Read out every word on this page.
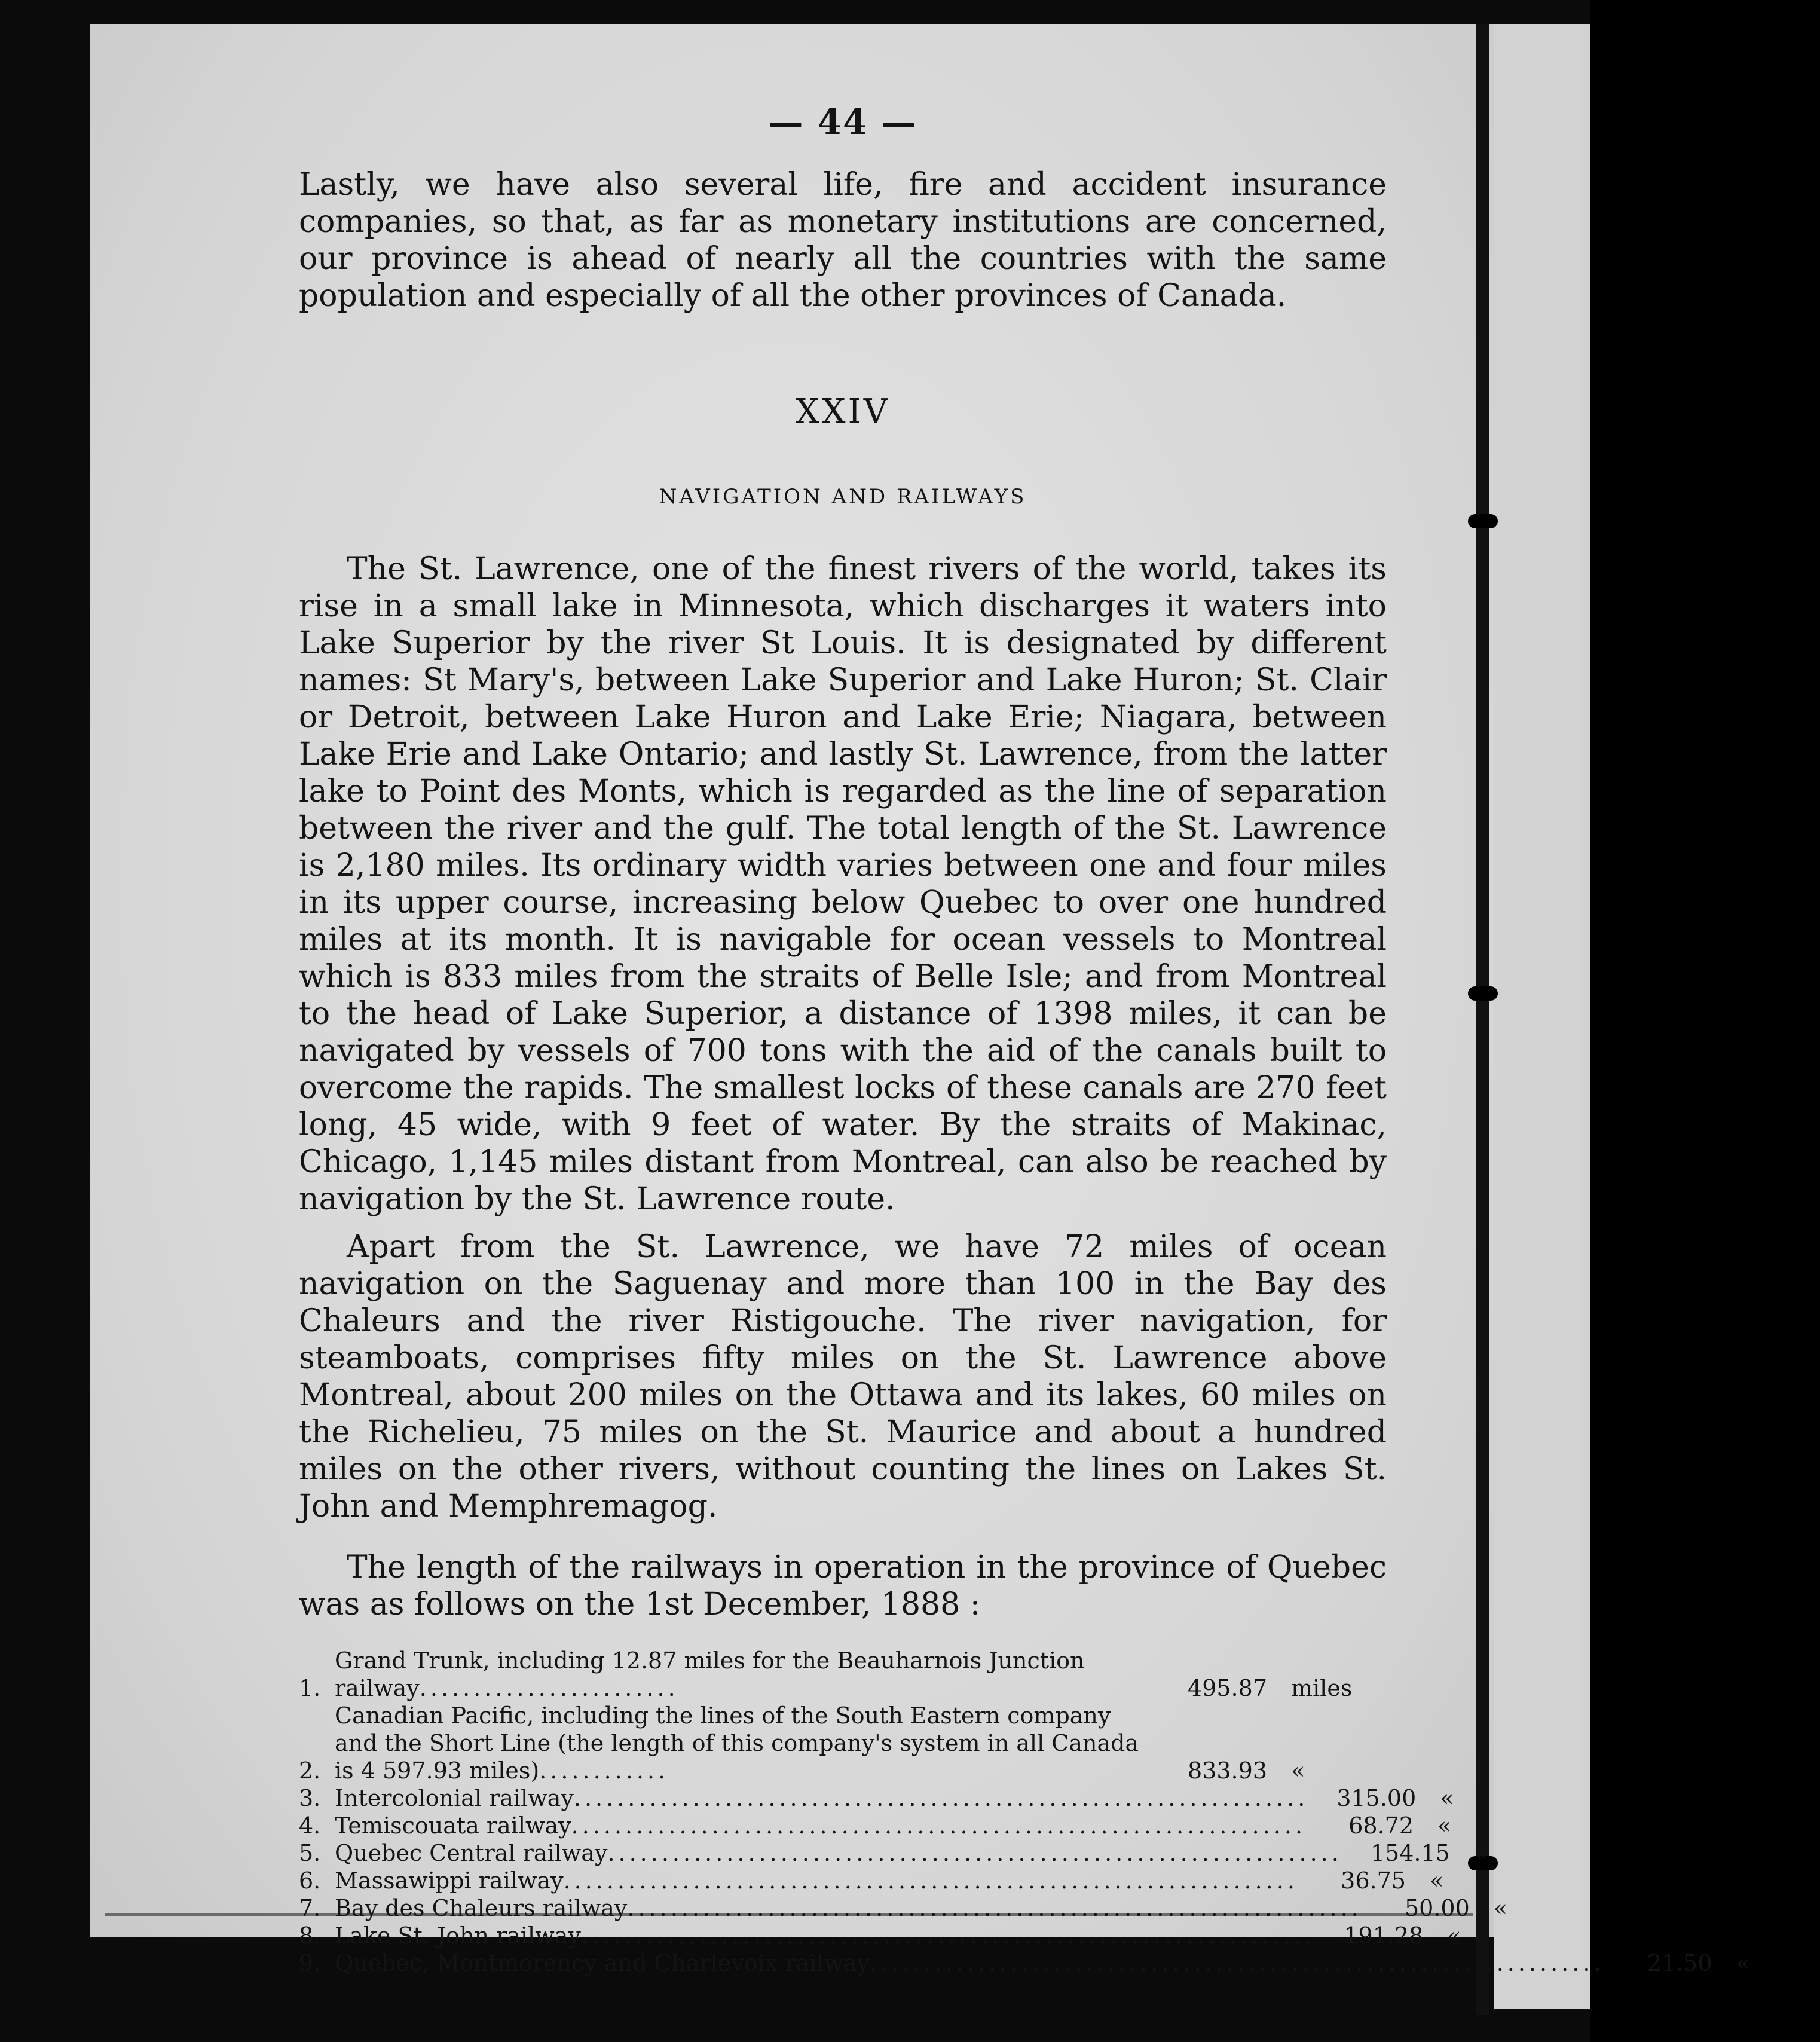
— 44 —

Lastly, we have also several life, fire and accident insurance companies, so that, as far as monetary institutions are concerned, our province is ahead of nearly all the countries with the same population and especially of all the other provinces of Canada.

XXIV
NAVIGATION AND RAILWAYS

The St. Lawrence, one of the finest rivers of the world, takes its rise in a small lake in Minnesota, which discharges it waters into Lake Superior by the river St Louis. It is designated by different names: St Mary's, between Lake Superior and Lake Huron; St. Clair or Detroit, between Lake Huron and Lake Erie; Niagara, between Lake Erie and Lake Ontario; and lastly St. Lawrence, from the latter lake to Point des Monts, which is regarded as the line of separation between the river and the gulf. The total length of the St. Lawrence is 2,180 miles. Its ordinary width varies between one and four miles in its upper course, increasing below Quebec to over one hundred miles at its month. It is navigable for ocean vessels to Montreal which is 833 miles from the straits of Belle Isle; and from Montreal to the head of Lake Superior, a distance of 1398 miles, it can be navigated by vessels of 700 tons with the aid of the canals built to overcome the rapids. The smallest locks of these canals are 270 feet long, 45 wide, with 9 feet of water. By the straits of Makinac, Chicago, 1,145 miles distant from Montreal, can also be reached by navigation by the St. Lawrence route.

Apart from the St. Lawrence, we have 72 miles of ocean navigation on the Saguenay and more than 100 in the Bay des Chaleurs and the river Ristigouche. The river navigation, for steamboats, comprises fifty miles on the St. Lawrence above Montreal, about 200 miles on the Ottawa and its lakes, 60 miles on the Richelieu, 75 miles on the St. Maurice and about a hundred miles on the other rivers, without counting the lines on Lakes St. John and Memphremagog.

The length of the railways in operation in the province of Quebec was as follows on the 1st December, 1888 :

1.
Grand Trunk, including 12.87 miles for the Beauharnois Junction railway........................	495.87	miles
2.
Canadian Pacific, including the lines of the South Eastern company and the Short Line (the length of this company's system in all Canada is 4 597.93 miles)............	833.93	«
3. Intercolonial railway....................................................................	315.00	«
4. Temiscouata railway....................................................................	68.72	«
5. Quebec Central railway....................................................................	154.15	«
6. Massawippi railway....................................................................	36.75	«
7. Bay des Chaleurs railway....................................................................	50.00	«
8. Lake St. John railway....................................................................	191.28	«
9. Quebec, Montmorency and Charlevoix railway....................................................................	21.50	«
